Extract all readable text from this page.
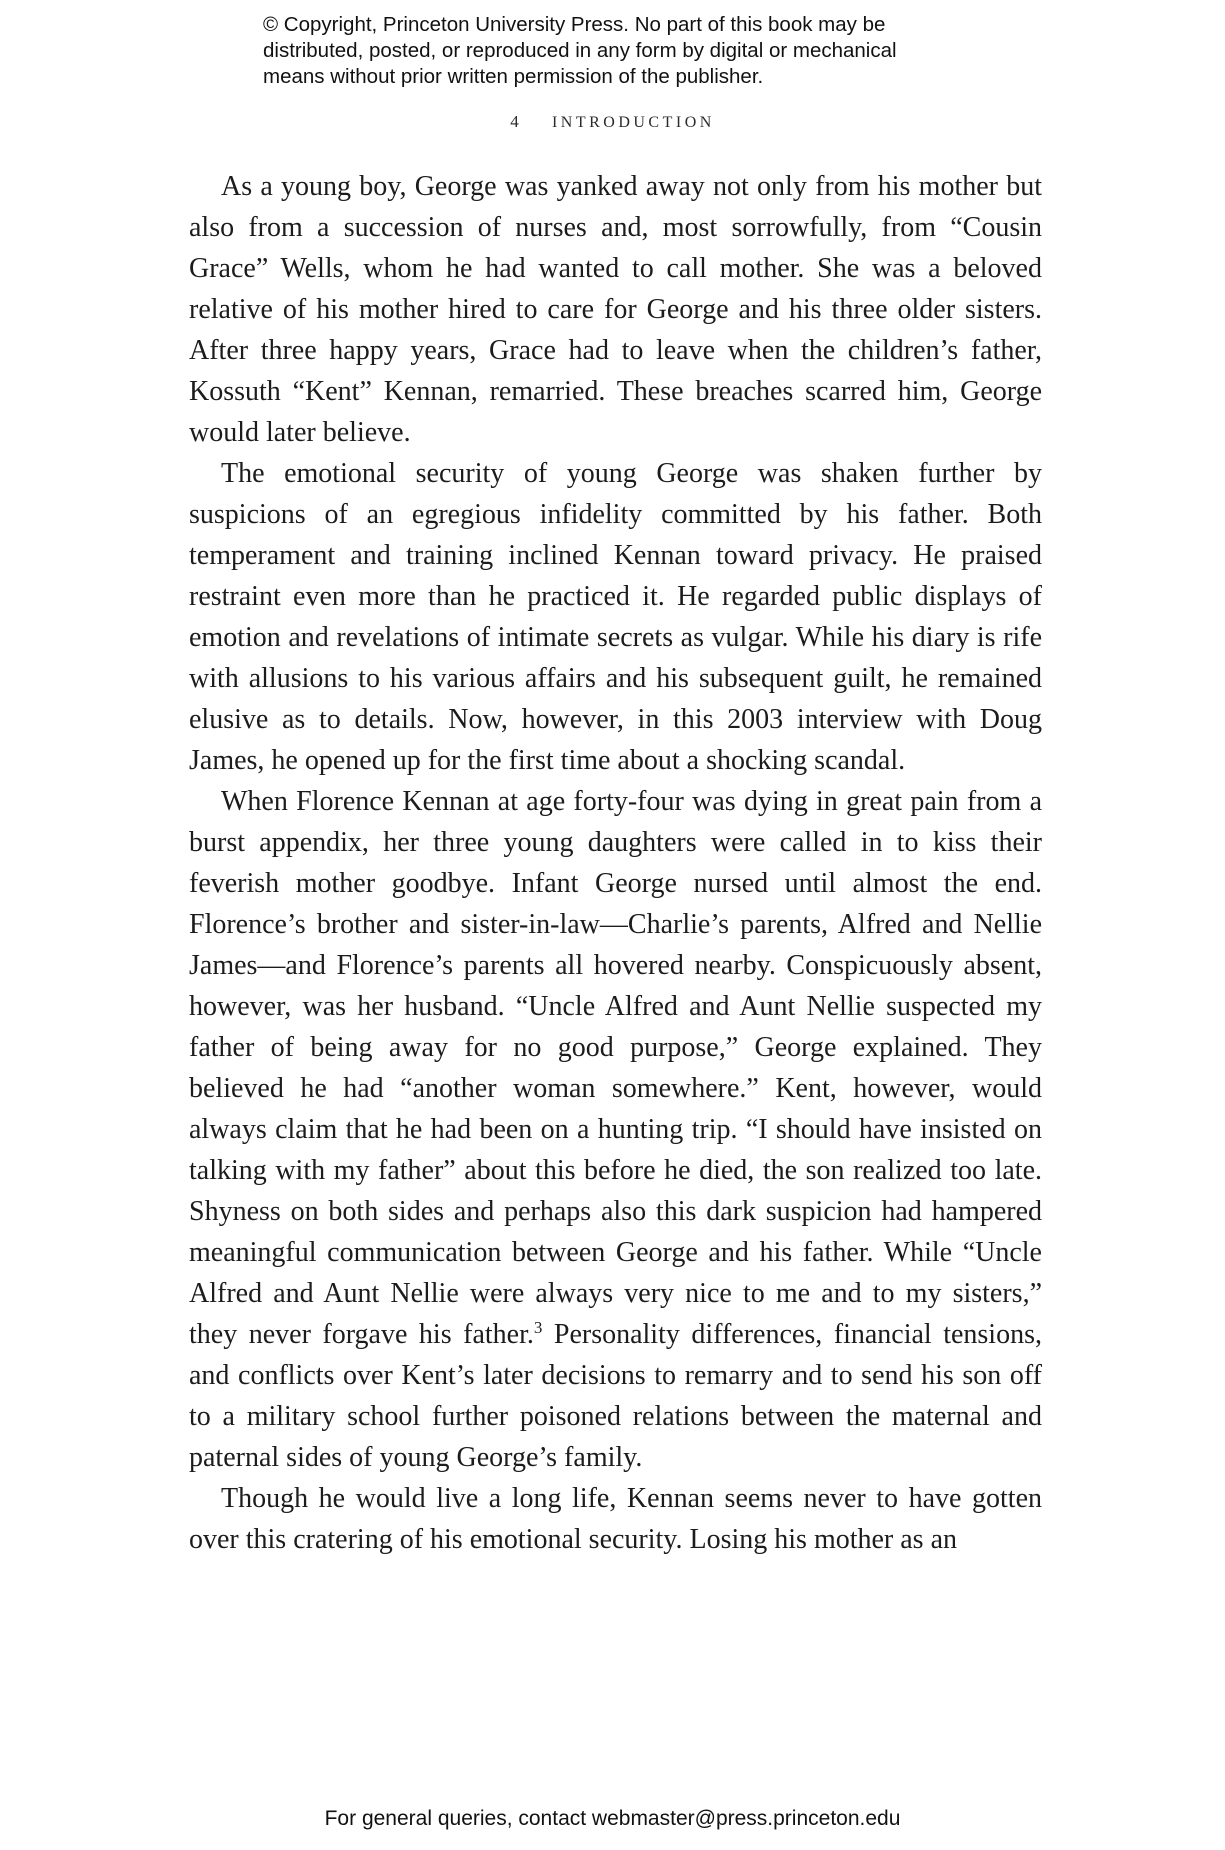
© Copyright, Princeton University Press. No part of this book may be
distributed, posted, or reproduced in any form by digital or mechanical
means without prior written permission of the publisher.
4 INTRODUCTION

As a young boy, George was yanked away not only from his mother but also from a succession of nurses and, most sorrowfully, from “Cousin Grace” Wells, whom he had wanted to call mother. She was a beloved relative of his mother hired to care for George and his three older sisters. After three happy years, Grace had to leave when the children’s father, Kossuth “Kent” Kennan, remarried. These breaches scarred him, George would later believe.

The emotional security of young George was shaken further by suspicions of an egregious infidelity committed by his father. Both temperament and training inclined Kennan toward privacy. He praised restraint even more than he practiced it. He regarded public displays of emotion and revelations of intimate secrets as vulgar. While his diary is rife with allusions to his various affairs and his subsequent guilt, he remained elusive as to details. Now, however, in this 2003 interview with Doug James, he opened up for the first time about a shocking scandal.

When Florence Kennan at age forty-four was dying in great pain from a burst appendix, her three young daughters were called in to kiss their feverish mother goodbye. Infant George nursed until almost the end. Florence’s brother and sister-in-law—Charlie’s parents, Alfred and Nellie James—and Florence’s parents all hovered nearby. Conspicuously absent, however, was her husband. “Uncle Alfred and Aunt Nellie suspected my father of being away for no good purpose,” George explained. They believed he had “another woman somewhere.” Kent, however, would always claim that he had been on a hunting trip. “I should have insisted on talking with my father” about this before he died, the son realized too late. Shyness on both sides and perhaps also this dark suspicion had hampered meaningful communication between George and his father. While “Uncle Alfred and Aunt Nellie were always very nice to me and to my sisters,” they never forgave his father.$^3$ Personality differences, financial tensions, and conflicts over Kent’s later decisions to remarry and to send his son off to a military school further poisoned relations between the maternal and paternal sides of young George’s family.

Though he would live a long life, Kennan seems never to have gotten over this cratering of his emotional security. Losing his mother as an

For general queries, contact webmaster@press.princeton.edu
